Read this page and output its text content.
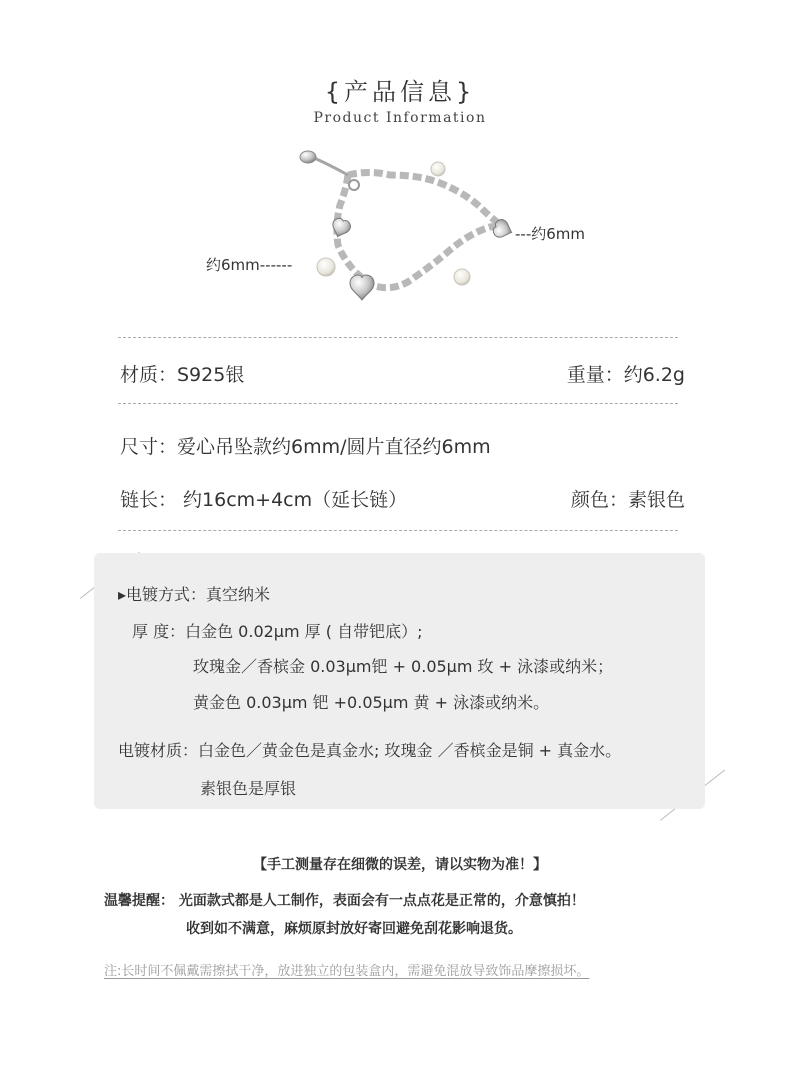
{产品信息}
Product Information
---约6mm
约6mm------
材质：S925银	重量：约6.2g
尺寸：爱心吊坠款约6mm/圆片直径约6mm
链长： 约16cm+4cm（延长链）	颜色：素银色
▸电镀方式：真空纳米
厚 度：白金色 0.02μm 厚 ( 自带钯底）;
玫瑰金／香槟金 0.03μm钯 + 0.05μm 玫 + 泳漆或纳米；
黄金色 0.03μm 钯 +0.05μm 黄 + 泳漆或纳米。
电镀材质：白金色／黄金色是真金水; 玫瑰金 ／香槟金是铜 + 真金水。
素银色是厚银
【手工测量存在细微的误差，请以实物为准！】
温馨提醒： 光面款式都是人工制作，表面会有一点点花是正常的，介意慎拍！
收到如不满意，麻烦原封放好寄回避免刮花影响退货。
注:长时间不佩戴需擦拭干净，放进独立的包装盒内，需避免混放导致饰品摩擦损坏。
